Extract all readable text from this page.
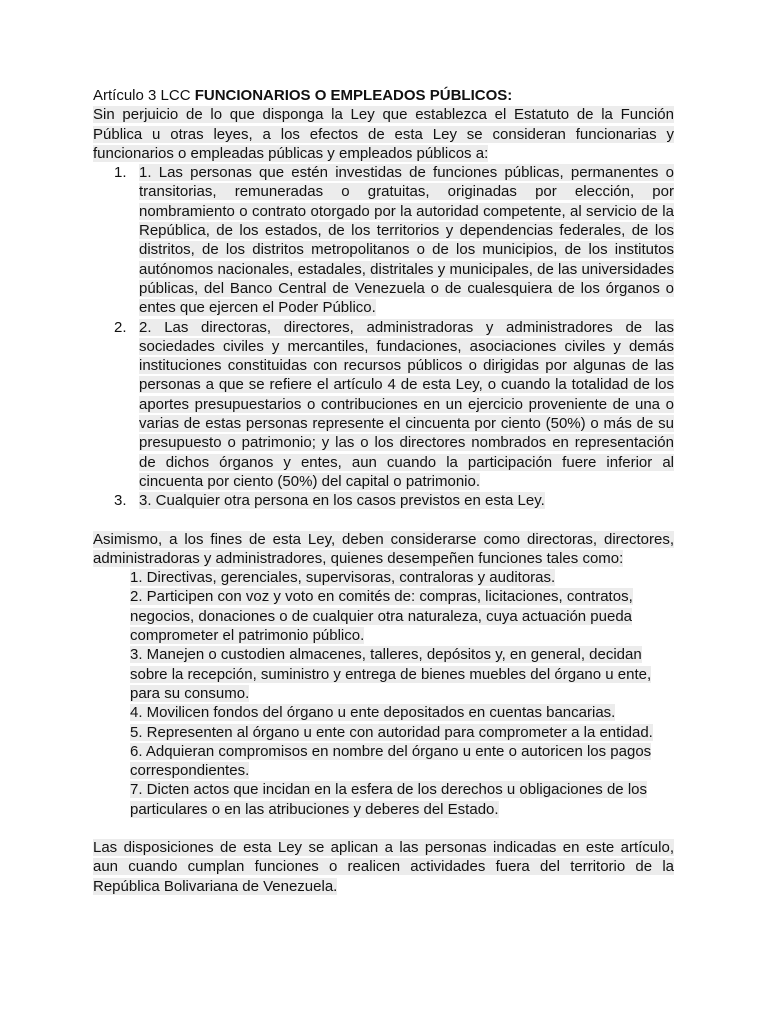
Artículo 3 LCC FUNCIONARIOS O EMPLEADOS PÚBLICOS:

Sin perjuicio de lo que disponga la Ley que establezca el Estatuto de la Función Pública u otras leyes, a los efectos de esta Ley se consideran funcionarias y funcionarios o empleadas públicas y empleados públicos a:

1. 1. Las personas que estén investidas de funciones públicas, permanentes o transitorias, remuneradas o gratuitas, originadas por elección, por nombramiento o contrato otorgado por la autoridad competente, al servicio de la República, de los estados, de los territorios y dependencias federales, de los distritos, de los distritos metropolitanos o de los municipios, de los institutos autónomos nacionales, estadales, distritales y municipales, de las universidades públicas, del Banco Central de Venezuela o de cualesquiera de los órganos o entes que ejercen el Poder Público.
2. 2. Las directoras, directores, administradoras y administradores de las sociedades civiles y mercantiles, fundaciones, asociaciones civiles y demás instituciones constituidas con recursos públicos o dirigidas por algunas de las personas a que se refiere el artículo 4 de esta Ley, o cuando la totalidad de los aportes presupuestarios o contribuciones en un ejercicio proveniente de una o varias de estas personas represente el cincuenta por ciento (50%) o más de su presupuesto o patrimonio; y las o los directores nombrados en representación de dichos órganos y entes, aun cuando la participación fuere inferior al cincuenta por ciento (50%) del capital o patrimonio.
3. 3. Cualquier otra persona en los casos previstos en esta Ley.

Asimismo, a los fines de esta Ley, deben considerarse como directoras, directores, administradoras y administradores, quienes desempeñen funciones tales como:

1. Directivas, gerenciales, supervisoras, contraloras y auditoras.

2. Participen con voz y voto en comités de: compras, licitaciones, contratos, negocios, donaciones o de cualquier otra naturaleza, cuya actuación pueda comprometer el patrimonio público.

3. Manejen o custodien almacenes, talleres, depósitos y, en general, decidan sobre la recepción, suministro y entrega de bienes muebles del órgano u ente, para su consumo.

4. Movilicen fondos del órgano u ente depositados en cuentas bancarias.

5. Representen al órgano u ente con autoridad para comprometer a la entidad.

6. Adquieran compromisos en nombre del órgano u ente o autoricen los pagos correspondientes.

7. Dicten actos que incidan en la esfera de los derechos u obligaciones de los particulares o en las atribuciones y deberes del Estado.

Las disposiciones de esta Ley se aplican a las personas indicadas en este artículo, aun cuando cumplan funciones o realicen actividades fuera del territorio de la República Bolivariana de Venezuela.
